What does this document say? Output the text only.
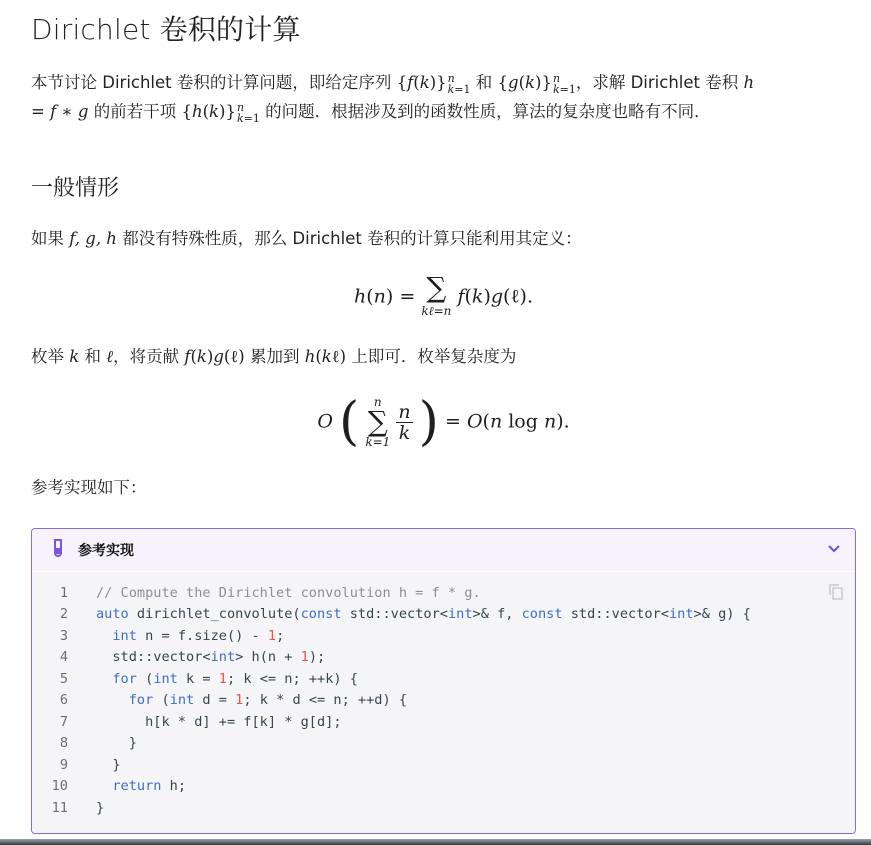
Dirichlet 卷积的计算

本节讨论 Dirichlet 卷积的计算问题，即给定序列 {f(k)} n
k=1 和 {g(k)} n
k=1 ，求解 Dirichlet 卷积 h
= f ∗ g 的前若干项 {h(k)} n
k=1 的问题．根据涉及到的函数性质，算法的复杂度也略有不同．

一般情形

如果 f, g, h 都没有特殊性质，那么 Dirichlet 卷积的计算只能利用其定义：

h(n) = ∑
kℓ=n
f(k)g(ℓ).

枚举 k 和 ℓ，将贡献 f(k)g(ℓ) 累加到 h(kℓ) 上即可．枚举复杂度为

O ( n
∑
k=1
$\frac{n}{k}$ ) = O(n log n).

参考实现如下：

参考实现
1	// Compute the Dirichlet convolution h = f * g.
2	auto dirichlet_convolute(const std::vector<int>& f, const std::vector<int>& g) {
3	int n = f.size() - 1;
4	std::vector<int> h(n + 1);
5	for (int k = 1; k <= n; ++k) {
6	for (int d = 1; k * d <= n; ++d) {
7	h[k * d] += f[k] * g[d];
8	}
9	}
10	return h;
11	}
